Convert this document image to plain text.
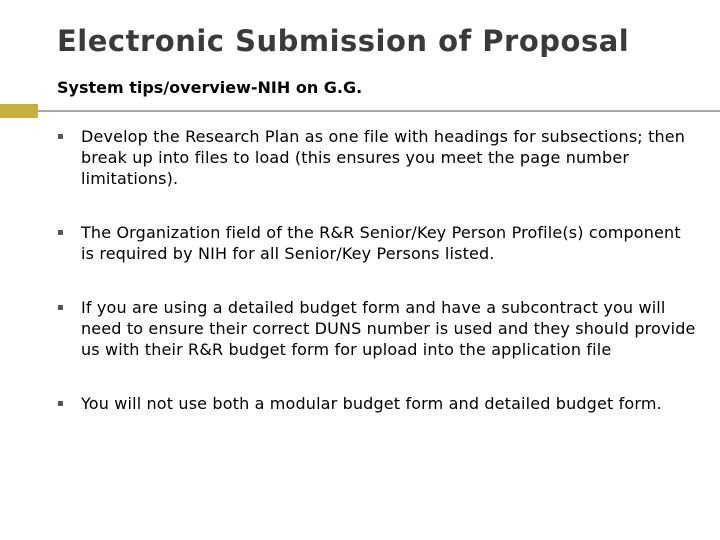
Electronic Submission of Proposal
System tips/overview-NIH on G.G.
▪	Develop the Research Plan as one file with headings for subsections; then break up into files to load (this ensures you meet the page number limitations).
▪	The Organization field of the R&R Senior/Key Person Profile(s) component is required by NIH for all Senior/Key Persons listed.
▪	If you are using a detailed budget form and have a subcontract you will need to ensure their correct DUNS number is used and they should provide us with their R&R budget form for upload into the application file
▪	You will not use both a modular budget form and detailed budget form.
